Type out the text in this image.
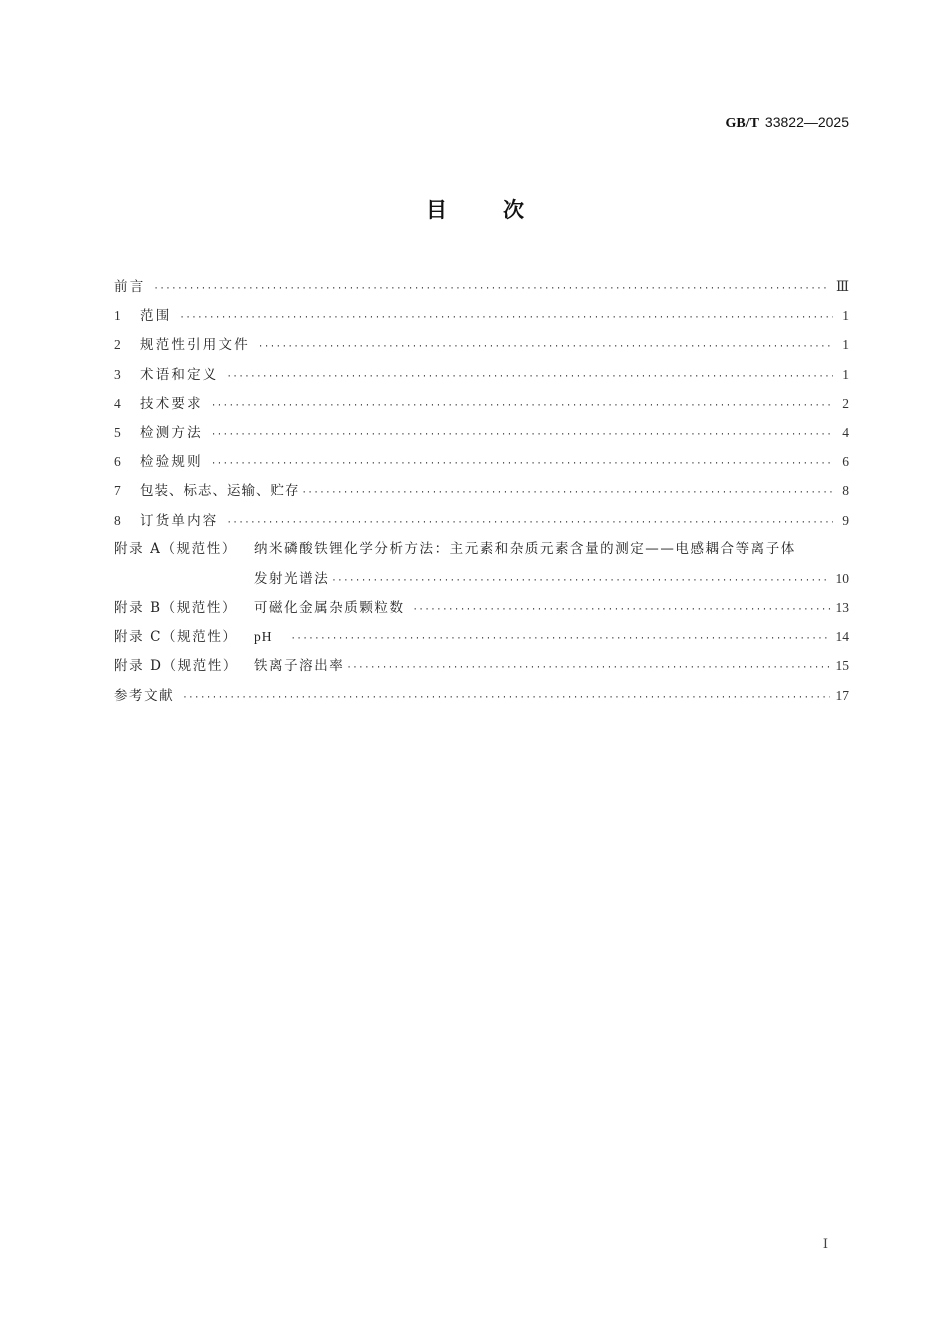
GB/T 33822—2025
目	次
前言 ·····	Ⅲ
1	范围 ·····	1
2	规范性引用文件 ·····	1
3	术语和定义 ·····	1
4	技术要求 ·····	2
5	检测方法 ·····	4
6	检验规则 ·····	6
7	包装、标志、运输、贮存 ·····	8
8	订货单内容 ·····	9
附录 A（规范性）	纳米磷酸铁锂化学分析方法：主元素和杂质元素含量的测定——电感耦合等离子体
发射光谱法 ·····	10
附录 B（规范性）	可磁化金属杂质颗粒数 ·····	13
附录 C（规范性）	pH ·····	14
附录 D（规范性）	铁离子溶出率 ·····	15
参考文献 ·····	17
Ⅰ
